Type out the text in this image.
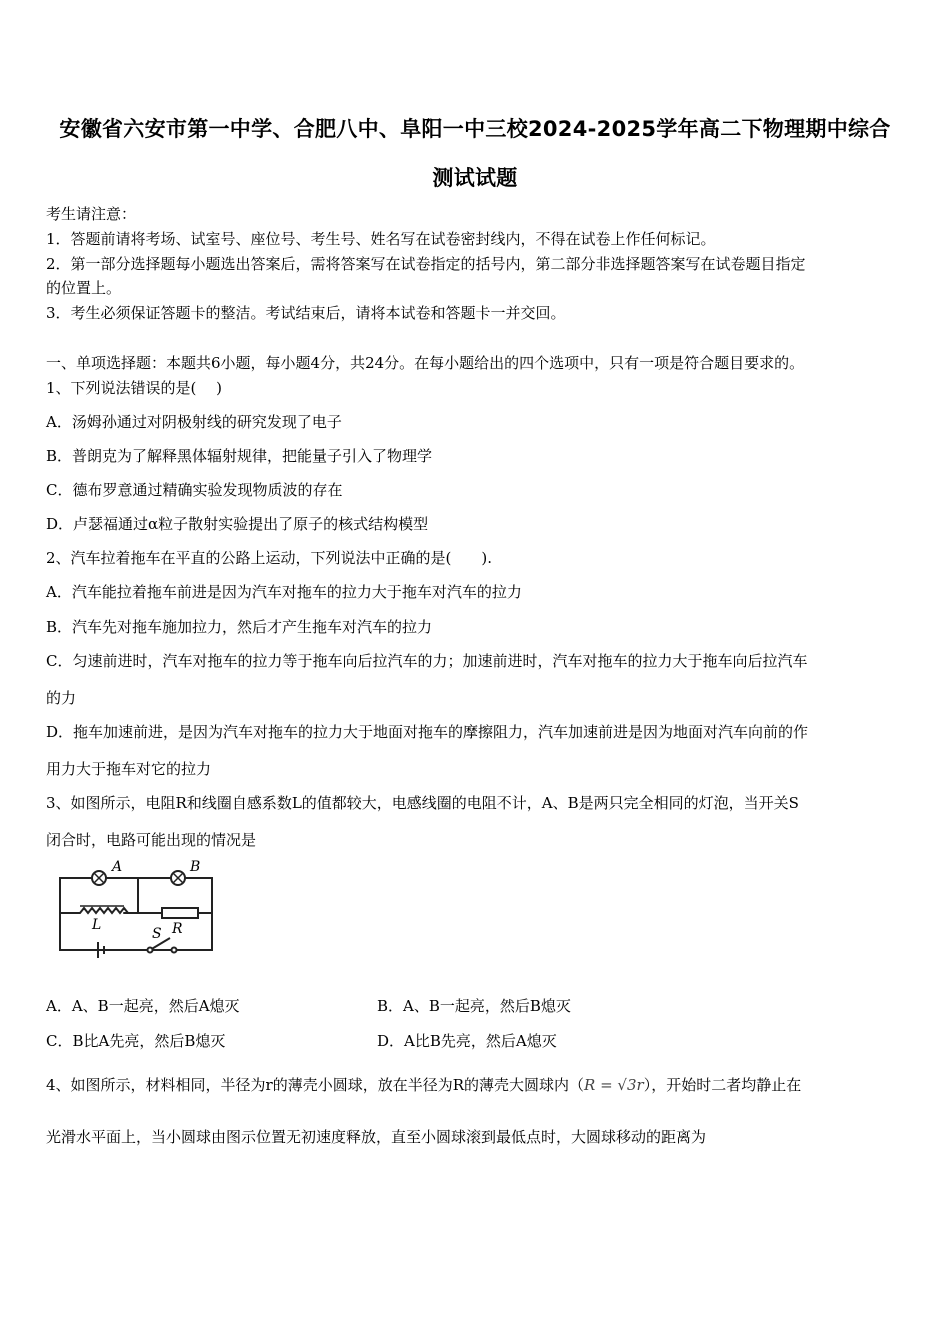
安徽省六安市第一中学、合肥八中、阜阳一中三校2024-2025学年高二下物理期中综合
测试试题
考生请注意：
1．答题前请将考场、试室号、座位号、考生号、姓名写在试卷密封线内，不得在试卷上作任何标记。
2．第一部分选择题每小题选出答案后，需将答案写在试卷指定的括号内，第二部分非选择题答案写在试卷题目指定
的位置上。
3．考生必须保证答题卡的整洁。考试结束后，请将本试卷和答题卡一并交回。
一、单项选择题：本题共6小题，每小题4分，共24分。在每小题给出的四个选项中，只有一项是符合题目要求的。
1、下列说法错误的是(　 )
A．汤姆孙通过对阴极射线的研究发现了电子
B．普朗克为了解释黑体辐射规律，把能量子引入了物理学
C．德布罗意通过精确实验发现物质波的存在
D．卢瑟福通过α粒子散射实验提出了原子的核式结构模型
2、汽车拉着拖车在平直的公路上运动，下列说法中正确的是(　　).
A．汽车能拉着拖车前进是因为汽车对拖车的拉力大于拖车对汽车的拉力
B．汽车先对拖车施加拉力，然后才产生拖车对汽车的拉力
C．匀速前进时，汽车对拖车的拉力等于拖车向后拉汽车的力；加速前进时，汽车对拖车的拉力大于拖车向后拉汽车
的力
D．拖车加速前进，是因为汽车对拖车的拉力大于地面对拖车的摩擦阻力，汽车加速前进是因为地面对汽车向前的作
用力大于拖车对它的拉力
3、如图所示，电阻R和线圈自感系数L的值都较大，电感线圈的电阻不计，A、B是两只完全相同的灯泡，当开关S
闭合时，电路可能出现的情况是
A	B
L	R
S
A．A、B一起亮，然后A熄灭	B．A、B一起亮，然后B熄灭
C．B比A先亮，然后B熄灭	D．A比B先亮，然后A熄灭
4、如图所示，材料相同，半径为r的薄壳小圆球，放在半径为R的薄壳大圆球内（R = √3r），开始时二者均静止在
光滑水平面上，当小圆球由图示位置无初速度释放，直至小圆球滚到最低点时，大圆球移动的距离为
